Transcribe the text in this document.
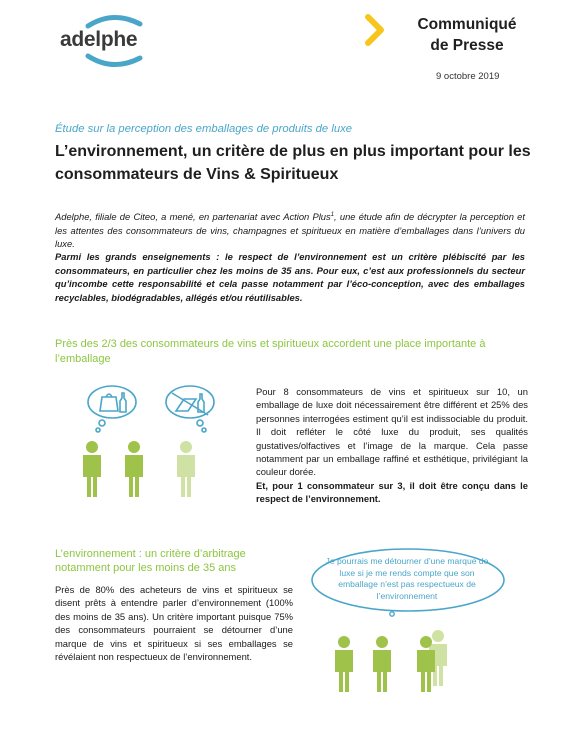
adelphe
Communiqué
de Presse
9 octobre 2019
Étude sur la perception des emballages de produits de luxe
L’environnement, un critère de plus en plus important pour les consommateurs de Vins & Spiritueux

Adelphe, filiale de Citeo, a mené, en partenariat avec Action Plus$^1$, une étude afin de décrypter la perception et les attentes des consommateurs de vins, champagnes et spiritueux en matière d’emballages dans l’univers du luxe.

Parmi les grands enseignements : le respect de l’environnement est un critère plébiscité par les consommateurs, en particulier chez les moins de 35 ans. Pour eux, c’est aux professionnels du secteur qu’incombe cette responsabilité et cela passe notamment par l’éco-conception, avec des emballages recyclables, biodégradables, allégés et/ou réutilisables.

Près des 2/3 des consommateurs de vins et spiritueux accordent une place importante à l’emballage

Pour 8 consommateurs de vins et spiritueux sur 10, un emballage de luxe doit nécessairement être différent et 25% des personnes interrogées estiment qu’il est indissociable du produit. Il doit refléter le côté luxe du produit, ses qualités gustatives/olfactives et l’image de la marque. Cela passe notamment par un emballage raffiné et esthétique, privilégiant la couleur dorée.

Et, pour 1 consommateur sur 3, il doit être conçu dans le respect de l’environnement.

L’environnement : un critère d’arbitrage notamment pour les moins de 35 ans
Près de 80% des acheteurs de vins et spiritueux se disent prêts à entendre parler d’environnement (100% des moins de 35 ans). Un critère important puisque 75% des consommateurs pourraient se détourner d’une marque de vins et spiritueux si ses emballages se révélaient non respectueux de l’environnement.
Je pourrais me détourner d’une marque de luxe si je me rends compte que son emballage n’est pas respectueux de l’environnement
